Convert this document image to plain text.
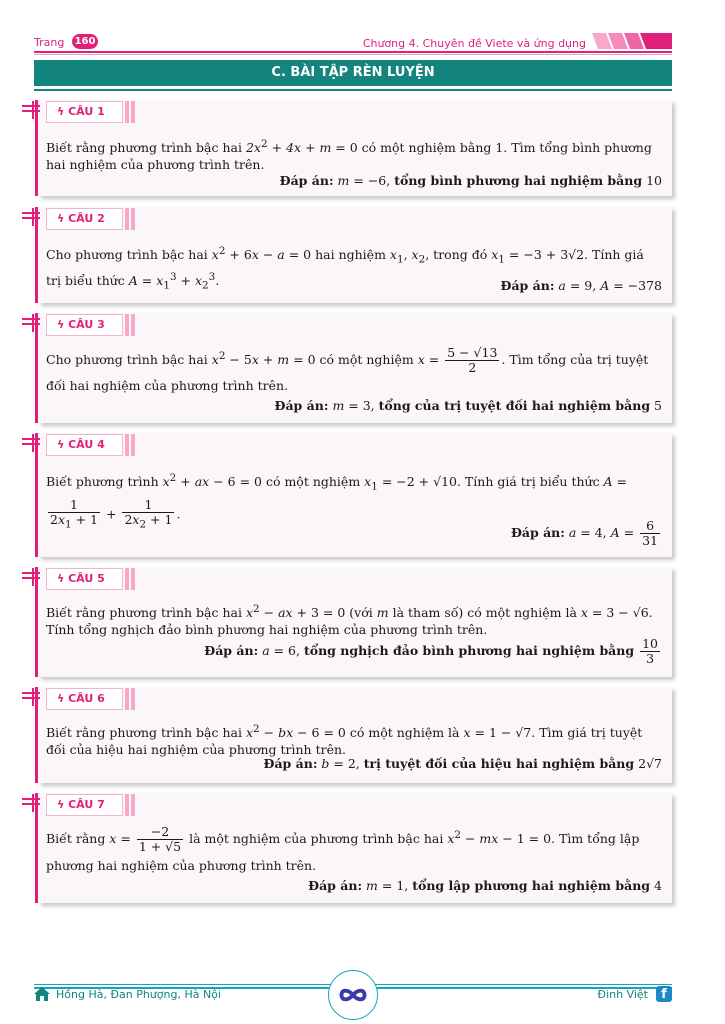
Trang 160	Chương 4. Chuyên đề Viete và ứng dụng
C. BÀI TẬP RÈN LUYỆN
ϟ CÂU 1
Biết rằng phương trình bậc hai $2x^2 + 4x + m = 0$ có một nghiệm bằng 1. Tìm tổng bình phương hai nghiệm của phương trình trên.
Đáp án: m = −6, tổng bình phương hai nghiệm bằng 10
ϟ CÂU 2
Cho phương trình bậc hai $x^2 + 6x - a = 0$ hai nghiệm $x_1$, $x_2$, trong đó $x_1 = -3 + 3√2$. Tính giá trị biểu thức $A = x_1^3 + x_2^3$.	Đáp án: a = 9, A = −378
ϟ CÂU 3
Cho phương trình bậc hai $x^2 - 5x + m = 0$ có một nghiệm $x = \frac{5 - √13}{2}$ . Tìm tổng của trị tuyệt đối hai nghiệm của phương trình trên.
Đáp án: m = 3, tổng của trị tuyệt đối hai nghiệm bằng 5
ϟ CÂU 4
Biết phương trình $x^2$ + ax − 6 = 0 có một nghiệm $x_1 = -2 + √10$. Tính giá trị biểu thức A =
$\frac{1}{2x_1 + 1} + \frac{1}{2x_2 + 1}$ .
Đáp án: a = 4, $A = \frac{6}{31}$
ϟ CÂU 5
Biết rằng phương trình bậc hai $x^2$ − ax + 3 = 0 (với m là tham số) có một nghiệm là x = 3 − √6. Tính tổng nghịch đảo bình phương hai nghiệm của phương trình trên.
Đáp án: a = 6, tổng nghịch đảo bình phương hai nghiệm bằng $\frac{10}{3}$
ϟ CÂU 6
Biết rằng phương trình bậc hai $x^2$ − bx − 6 = 0 có một nghiệm là x = 1 − √7. Tìm giá trị tuyệt đối của hiệu hai nghiệm của phương trình trên.
Đáp án: b = 2, trị tuyệt đối của hiệu hai nghiệm bằng 2√7
ϟ CÂU 7
Biết rằng $x = \frac{-2}{1 + √5}$ là một nghiệm của phương trình bậc hai $x^2$ − mx − 1 = 0. Tìm tổng lập phương hai nghiệm của phương trình trên.
Đáp án: m = 1, tổng lập phương hai nghiệm bằng 4
Hồng Hà, Đan Phượng, Hà Nội	Đinh Việt	f
